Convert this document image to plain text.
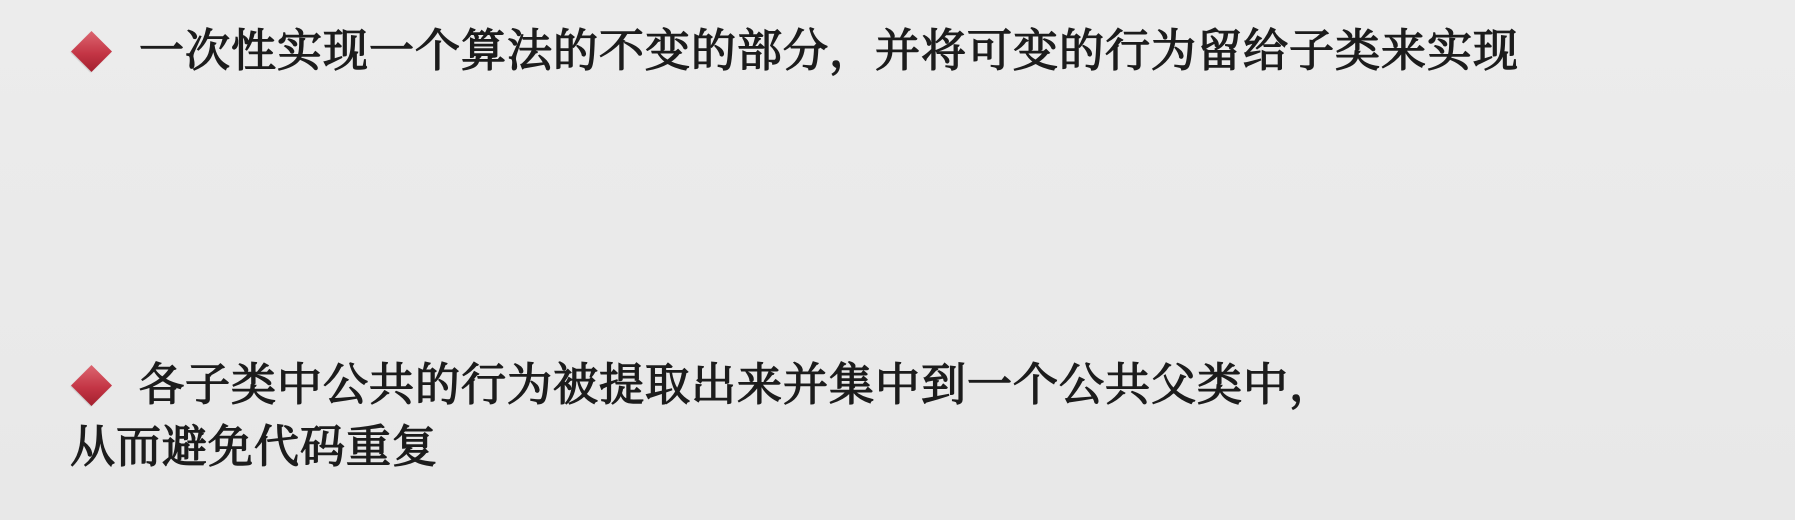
一次性实现一个算法的不变的部分，并将可变的行为留给子类来实现
各子类中公共的行为被提取出来并集中到一个公共父类中，
从而避免代码重复
